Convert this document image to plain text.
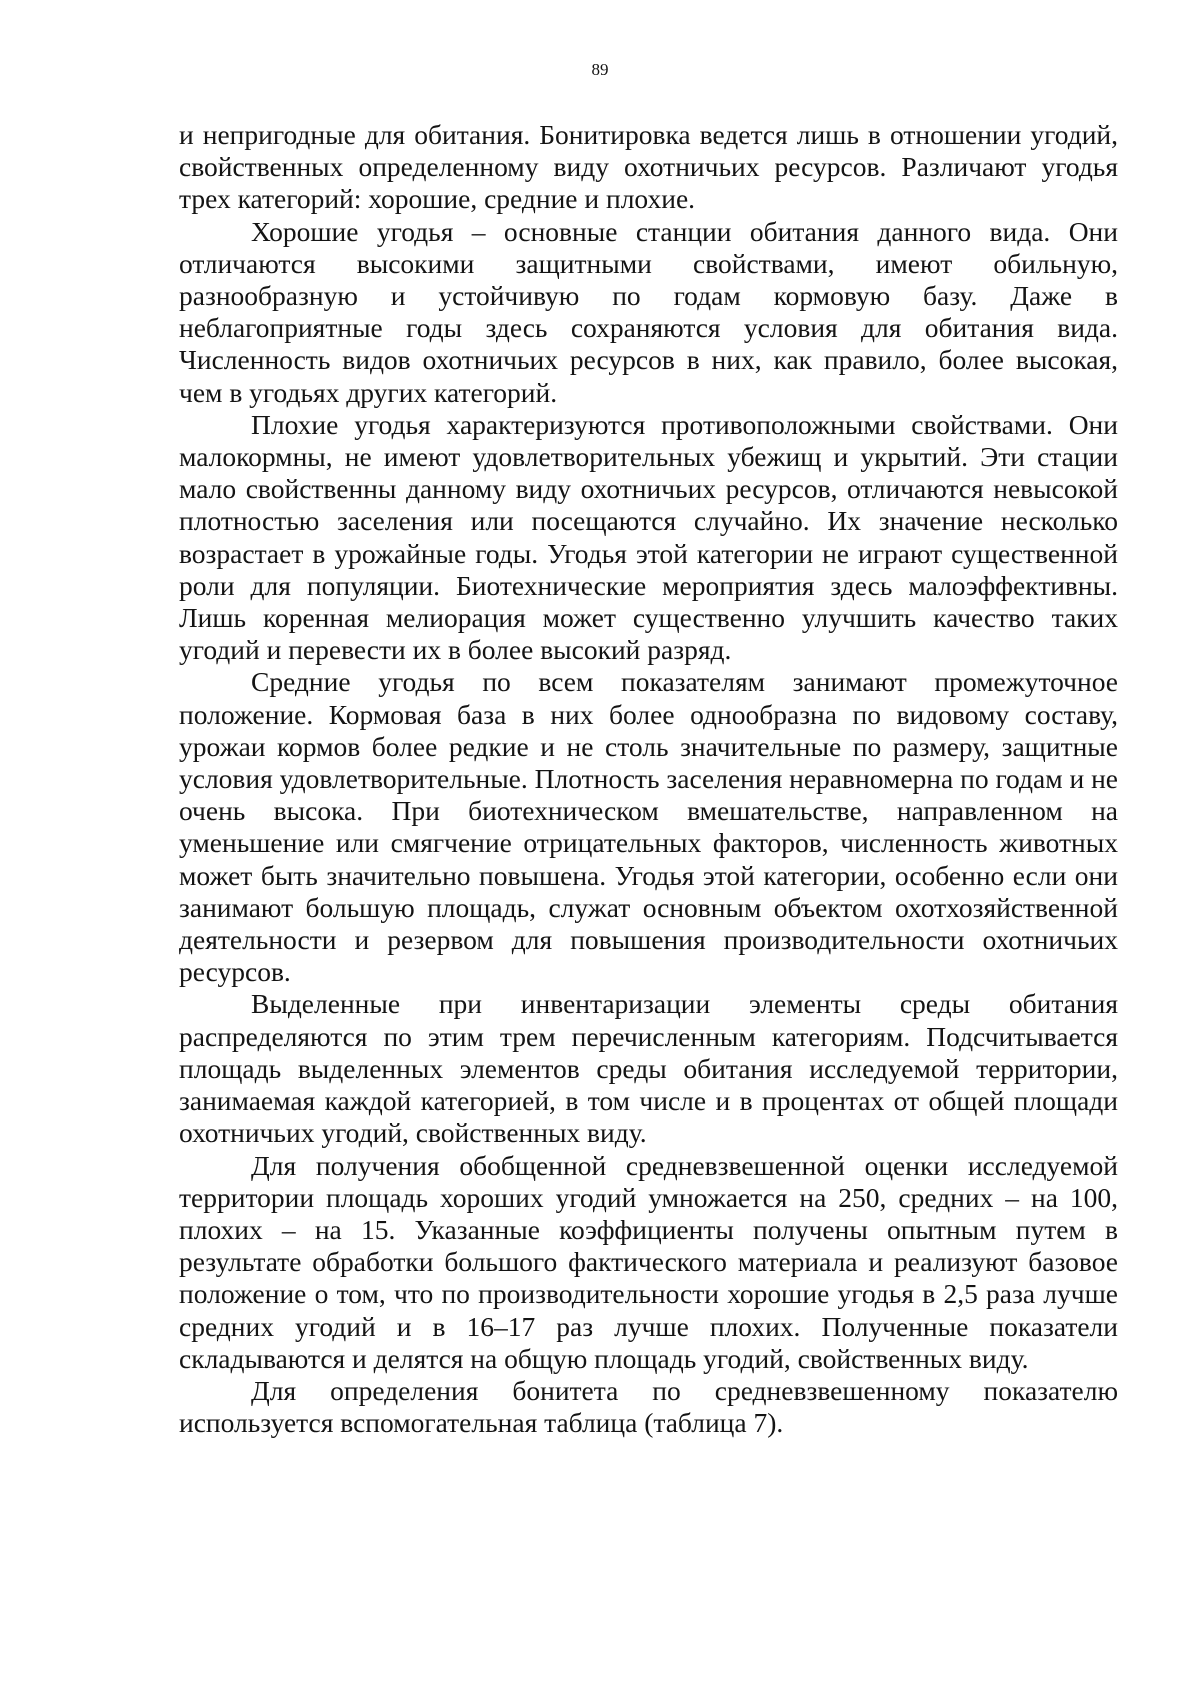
89

и непригодные для обитания. Бонитировка ведется лишь в отношении угодий, свойственных определенному виду охотничьих ресурсов. Различают угодья трех категорий: хорошие, средние и плохие.

Хорошие угодья – основные станции обитания данного вида. Они отличаются высокими защитными свойствами, имеют обильную, разнообразную и устойчивую по годам кормовую базу. Даже в неблагоприятные годы здесь сохраняются условия для обитания вида. Численность видов охотничьих ресурсов в них, как правило, более высокая, чем в угодьях других категорий.

Плохие угодья характеризуются противоположными свойствами. Они малокормны, не имеют удовлетворительных убежищ и укрытий. Эти стации мало свойственны данному виду охотничьих ресурсов, отличаются невысокой плотностью заселения или посещаются случайно. Их значение несколько возрастает в урожайные годы. Угодья этой категории не играют существенной роли для популяции. Биотехнические мероприятия здесь малоэффективны. Лишь коренная мелиорация может существенно улучшить качество таких угодий и перевести их в более высокий разряд.

Средние угодья по всем показателям занимают промежуточное положение. Кормовая база в них более однообразна по видовому составу, урожаи кормов более редкие и не столь значительные по размеру, защитные условия удовлетворительные. Плотность заселения неравномерна по годам и не очень высока. При биотехническом вмешательстве, направленном на уменьшение или смягчение отрицательных факторов, численность животных может быть значительно повышена. Угодья этой категории, особенно если они занимают большую площадь, служат основным объектом охотхозяйственной деятельности и резервом для повышения производительности охотничьих ресурсов.

Выделенные при инвентаризации элементы среды обитания распределяются по этим трем перечисленным категориям. Подсчитывается площадь выделенных элементов среды обитания исследуемой территории, занимаемая каждой категорией, в том числе и в процентах от общей площади охотничьих угодий, свойственных виду.

Для получения обобщенной средневзвешенной оценки исследуемой территории площадь хороших угодий умножается на 250, средних – на 100, плохих – на 15. Указанные коэффициенты получены опытным путем в результате обработки большого фактического материала и реализуют базовое положение о том, что по производительности хорошие угодья в 2,5 раза лучше средних угодий и в 16–17 раз лучше плохих. Полученные показатели складываются и делятся на общую площадь угодий, свойственных виду.

Для определения бонитета по средневзвешенному показателю используется вспомогательная таблица (таблица 7).
